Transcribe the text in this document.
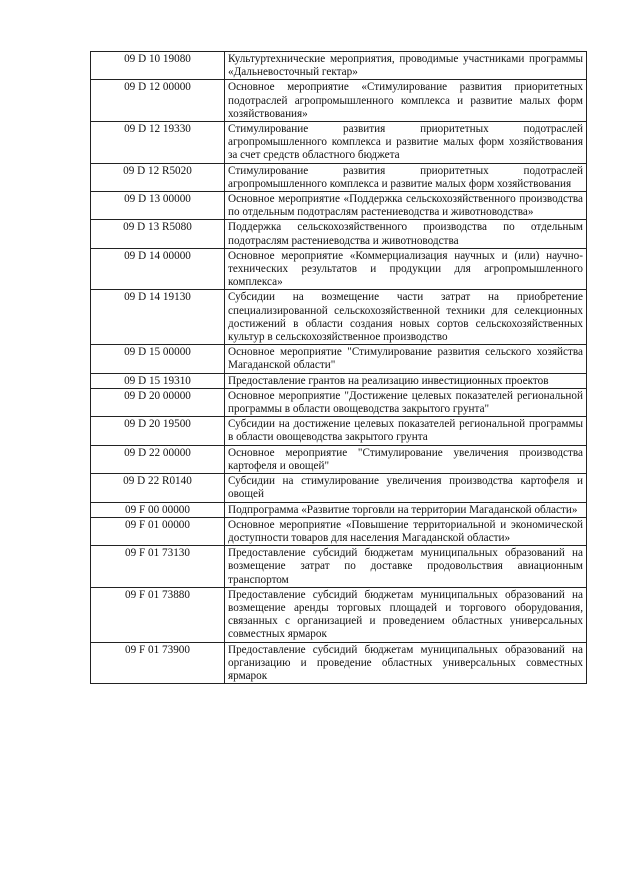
09 D 10 19080	Культуртехнические мероприятия, проводимые участниками программы «Дальневосточный гектар»
09 D 12 00000	Основное мероприятие «Стимулирование развития приоритетных подотраслей агропромышленного комплекса и развитие малых форм хозяйствования»
09 D 12 19330	Стимулирование развития приоритетных подотраслей агропромышленного комплекса и развитие малых форм хозяйствования за счет средств областного бюджета
09 D 12 R5020	Стимулирование развития приоритетных подотраслей агропромышленного комплекса и развитие малых форм хозяйствования
09 D 13 00000	Основное мероприятие «Поддержка сельскохозяйственного производства по отдельным подотраслям растениеводства и животноводства»
09 D 13 R5080	Поддержка сельскохозяйственного производства по отдельным подотраслям растениеводства и животноводства
09 D 14 00000	Основное мероприятие «Коммерциализация научных и (или) научно-технических результатов и продукции для агропромышленного комплекса»
09 D 14 19130	Субсидии на возмещение части затрат на приобретение специализированной сельскохозяйственной техники для селекционных достижений в области создания новых сортов сельскохозяйственных культур в сельскохозяйственное производство
09 D 15 00000	Основное мероприятие "Стимулирование развития сельского хозяйства Магаданской области"
09 D 15 19310	Предоставление грантов на реализацию инвестиционных проектов
09 D 20 00000	Основное мероприятие "Достижение целевых показателей региональной программы в области овощеводства закрытого грунта"
09 D 20 19500	Субсидии на достижение целевых показателей региональной программы в области овощеводства закрытого грунта
09 D 22 00000	Основное мероприятие "Стимулирование увеличения производства картофеля и овощей"
09 D 22 R0140	Субсидии на стимулирование увеличения производства картофеля и овощей
09 F 00 00000	Подпрограмма «Развитие торговли на территории Магаданской области»
09 F 01 00000	Основное мероприятие «Повышение территориальной и экономической доступности товаров для населения Магаданской области»
09 F 01 73130	Предоставление субсидий бюджетам муниципальных образований на возмещение затрат по доставке продовольствия авиационным транспортом
09 F 01 73880	Предоставление субсидий бюджетам муниципальных образований на возмещение аренды торговых площадей и торгового оборудования, связанных с организацией и проведением областных универсальных совместных ярмарок
09 F 01 73900	Предоставление субсидий бюджетам муниципальных образований на организацию и проведение областных универсальных совместных ярмарок
